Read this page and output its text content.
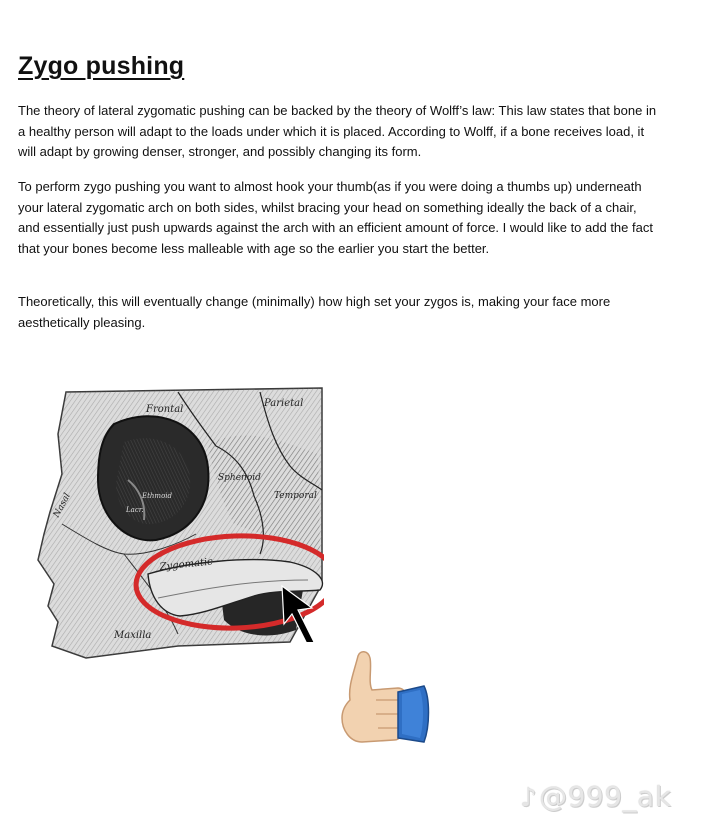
Zygo pushing

The theory of lateral zygomatic pushing can be backed by the theory of Wolff’s law: This law states that bone in a healthy person will adapt to the loads under which it is placed. According to Wolff, if a bone receives load, it will adapt by growing denser, stronger, and possibly changing its form.

To perform zygo pushing you want to almost hook your thumb(as if you were doing a thumbs up) underneath your lateral zygomatic arch on both sides, whilst bracing your head on something ideally the back of a chair, and essentially just push upwards against the arch with an efficient amount of force. I would like to add the fact that your bones become less malleable with age so the earlier you start the better.

Theoretically, this will eventually change (minimally) how high set your zygos is, making your face more aesthetically pleasing.

Frontal
Parietal
Sphenoid
Temporal
Ethmoid
Lacr.
Nasal
Zygomatic
Maxilla
♪@999_ak
